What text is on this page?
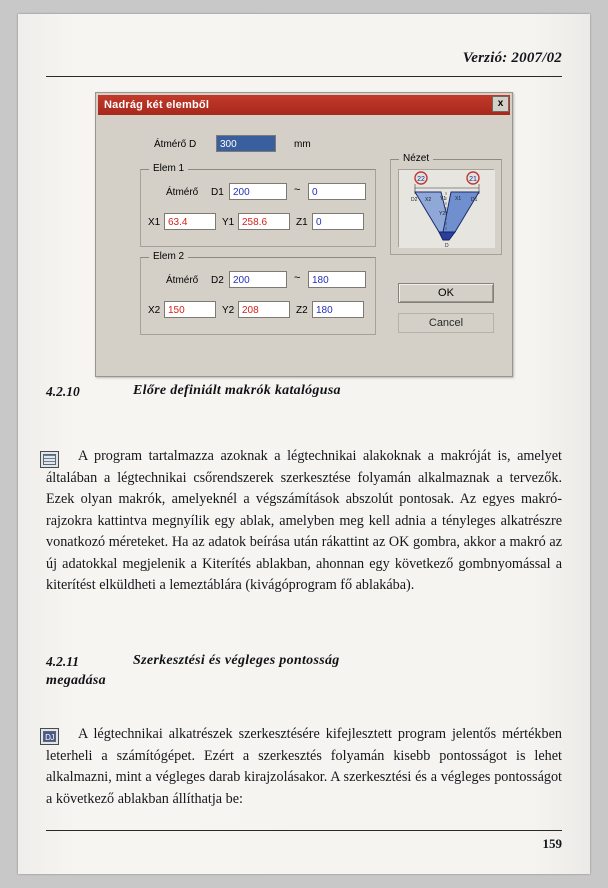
Verzió: 2007/02
Nadrág két elemből	x
Átmérő D	300	mm
Elem 1
Átmérő D1 200	~	0
X1 63.4	Y1 258.6	Z1 0
Elem 2
Átmérő D2 200	~	180
X2 150	Y2 208	Z2 180
Nézet
22	21
D2 X2 Y1 X1 D1
Y2
D
OK
Cancel
4.2.10	Előre definiált makrók katalógusa
A program tartalmazza azoknak a légtechnikai alakoknak a makróját is, amelyet általában a légtechnikai csőrendszerek szerkesztése folyamán alkalmaznak a tervezők. Ezek olyan makrók, amelyeknél a végszámítások abszolút pontosak. Az egyes makró-rajzokra kattintva megnyílik egy ablak, amelyben meg kell adnia a tényleges alkatrészre vonatkozó méreteket. Ha az adatok beírása után rákattint az OK gombra, akkor a makró az új adatokkal megjelenik a Kiterítés ablakban, ahonnan egy következő gombnyomással a kiterítést elküldheti a lemeztáblára (kivágóprogram fő ablakába).
4.2.11	Szerkesztési és végleges pontosság
megadása
DJ	A légtechnikai alkatrészek szerkesztésére kifejlesztett program jelentős mértékben leterheli a számítógépet. Ezért a szerkesztés folyamán kisebb pontosságot is lehet alkalmazni, mint a végleges darab kirajzolásakor. A szerkesztési és a végleges pontosságot a következő ablakban állíthatja be:
159
